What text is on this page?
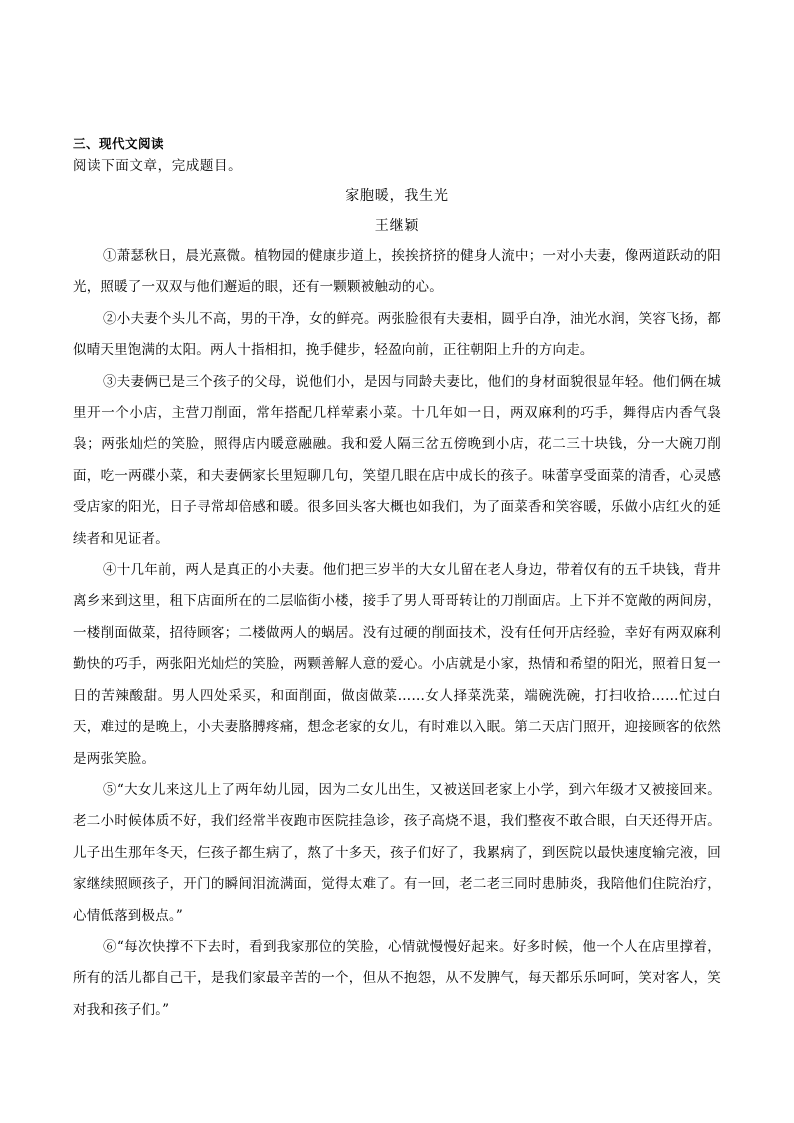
三、现代文阅读

阅读下面文章，完成题目。

家胞暖，我生光

王继颖

①萧瑟秋日，晨光熹微。植物园的健康步道上，挨挨挤挤的健身人流中；一对小夫妻，像两道跃动的阳光，照暖了一双双与他们邂逅的眼，还有一颗颗被触动的心。

②小夫妻个头儿不高，男的干净，女的鲜亮。两张脸很有夫妻相，圆乎白净，油光水润，笑容飞扬，都似晴天里饱满的太阳。两人十指相扣，挽手健步，轻盈向前，正往朝阳上升的方向走。

③夫妻俩已是三个孩子的父母，说他们小，是因与同龄夫妻比，他们的身材面貌很显年轻。他们俩在城里开一个小店，主营刀削面，常年搭配几样荤素小菜。十几年如一日，两双麻利的巧手，舞得店内香气袅袅；两张灿烂的笑脸，照得店内暖意融融。我和爱人隔三岔五傍晚到小店，花二三十块钱，分一大碗刀削面，吃一两碟小菜，和夫妻俩家长里短聊几句，笑望几眼在店中成长的孩子。味蕾享受面菜的清香，心灵感受店家的阳光，日子寻常却倍感和暖。很多回头客大概也如我们，为了面菜香和笑容暖，乐做小店红火的延续者和见证者。

④十几年前，两人是真正的小夫妻。他们把三岁半的大女儿留在老人身边，带着仅有的五千块钱，背井离乡来到这里，租下店面所在的二层临街小楼，接手了男人哥哥转让的刀削面店。上下并不宽敞的两间房，一楼削面做菜，招待顾客；二楼做两人的蜗居。没有过硬的削面技术，没有任何开店经验，幸好有两双麻利勤快的巧手，两张阳光灿烂的笑脸，两颗善解人意的爱心。小店就是小家，热情和希望的阳光，照着日复一日的苦辣酸甜。男人四处采买，和面削面，做卤做菜……女人择菜洗菜，端碗洗碗，打扫收拾……忙过白天，难过的是晚上，小夫妻胳膊疼痛，想念老家的女儿，有时难以入眠。第二天店门照开，迎接顾客的依然是两张笑脸。

⑤“大女儿来这儿上了两年幼儿园，因为二女儿出生，又被送回老家上小学，到六年级才又被接回来。老二小时候体质不好，我们经常半夜跑市医院挂急诊，孩子高烧不退，我们整夜不敢合眼，白天还得开店。儿子出生那年冬天，仨孩子都生病了，熬了十多天，孩子们好了，我累病了，到医院以最快速度输完液，回家继续照顾孩子，开门的瞬间泪流满面，觉得太难了。有一回，老二老三同时患肺炎，我陪他们住院治疗，心情低落到极点。”

⑥“每次快撑不下去时，看到我家那位的笑脸，心情就慢慢好起来。好多时候，他一个人在店里撑着，所有的活儿都自己干，是我们家最辛苦的一个，但从不抱怨，从不发脾气，每天都乐乐呵呵，笑对客人，笑对我和孩子们。”
